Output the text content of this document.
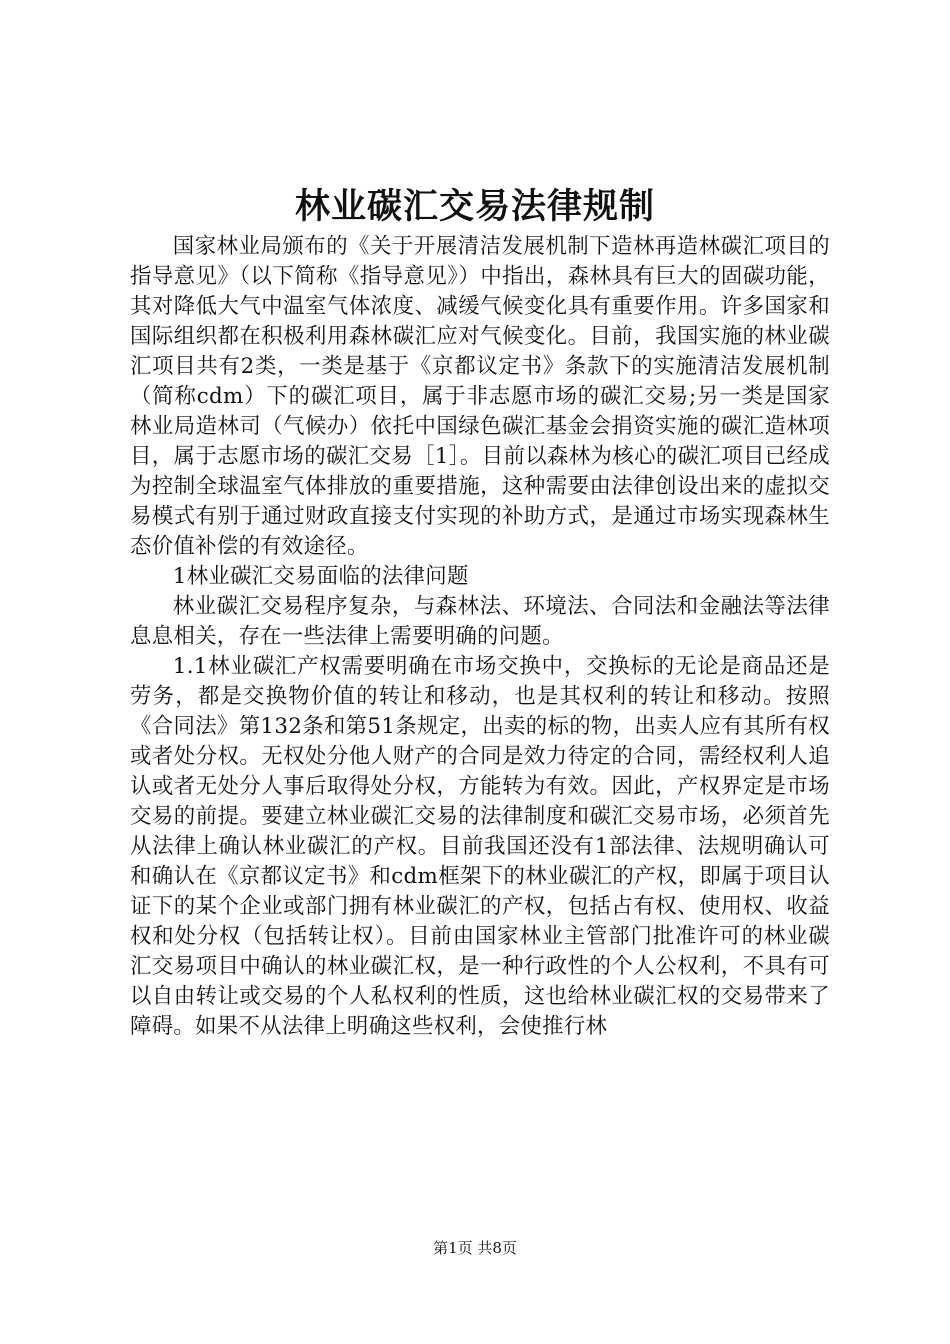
林业碳汇交易法律规制

国家林业局颁布的《关于开展清洁发展机制下造林再造林碳汇项目的指导意见》（以下简称《指导意见》）中指出，森林具有巨大的固碳功能，其对降低大气中温室气体浓度、减缓气候变化具有重要作用。许多国家和国际组织都在积极利用森林碳汇应对气候变化。目前，我国实施的林业碳汇项目共有2类，一类是基于《京都议定书》条款下的实施清洁发展机制（简称cdm）下的碳汇项目，属于非志愿市场的碳汇交易;另一类是国家林业局造林司（气候办）依托中国绿色碳汇基金会捐资实施的碳汇造林项目，属于志愿市场的碳汇交易［1］。目前以森林为核心的碳汇项目已经成为控制全球温室气体排放的重要措施，这种需要由法律创设出来的虚拟交易模式有别于通过财政直接支付实现的补助方式，是通过市场实现森林生态价值补偿的有效途径。

1林业碳汇交易面临的法律问题

林业碳汇交易程序复杂，与森林法、环境法、合同法和金融法等法律息息相关，存在一些法律上需要明确的问题。

1.1林业碳汇产权需要明确在市场交换中，交换标的无论是商品还是劳务，都是交换物价值的转让和移动，也是其权利的转让和移动。按照《合同法》第132条和第51条规定，出卖的标的物，出卖人应有其所有权或者处分权。无权处分他人财产的合同是效力待定的合同，需经权利人追认或者无处分人事后取得处分权，方能转为有效。因此，产权界定是市场交易的前提。要建立林业碳汇交易的法律制度和碳汇交易市场，必须首先从法律上确认林业碳汇的产权。目前我国还没有1部法律、法规明确认可和确认在《京都议定书》和cdm框架下的林业碳汇的产权，即属于项目认证下的某个企业或部门拥有林业碳汇的产权，包括占有权、使用权、收益权和处分权（包括转让权）。目前由国家林业主管部门批准许可的林业碳汇交易项目中确认的林业碳汇权，是一种行政性的个人公权利，不具有可以自由转让或交易的个人私权利的性质，这也给林业碳汇权的交易带来了障碍。如果不从法律上明确这些权利，会使推行林

第1页 共8页
